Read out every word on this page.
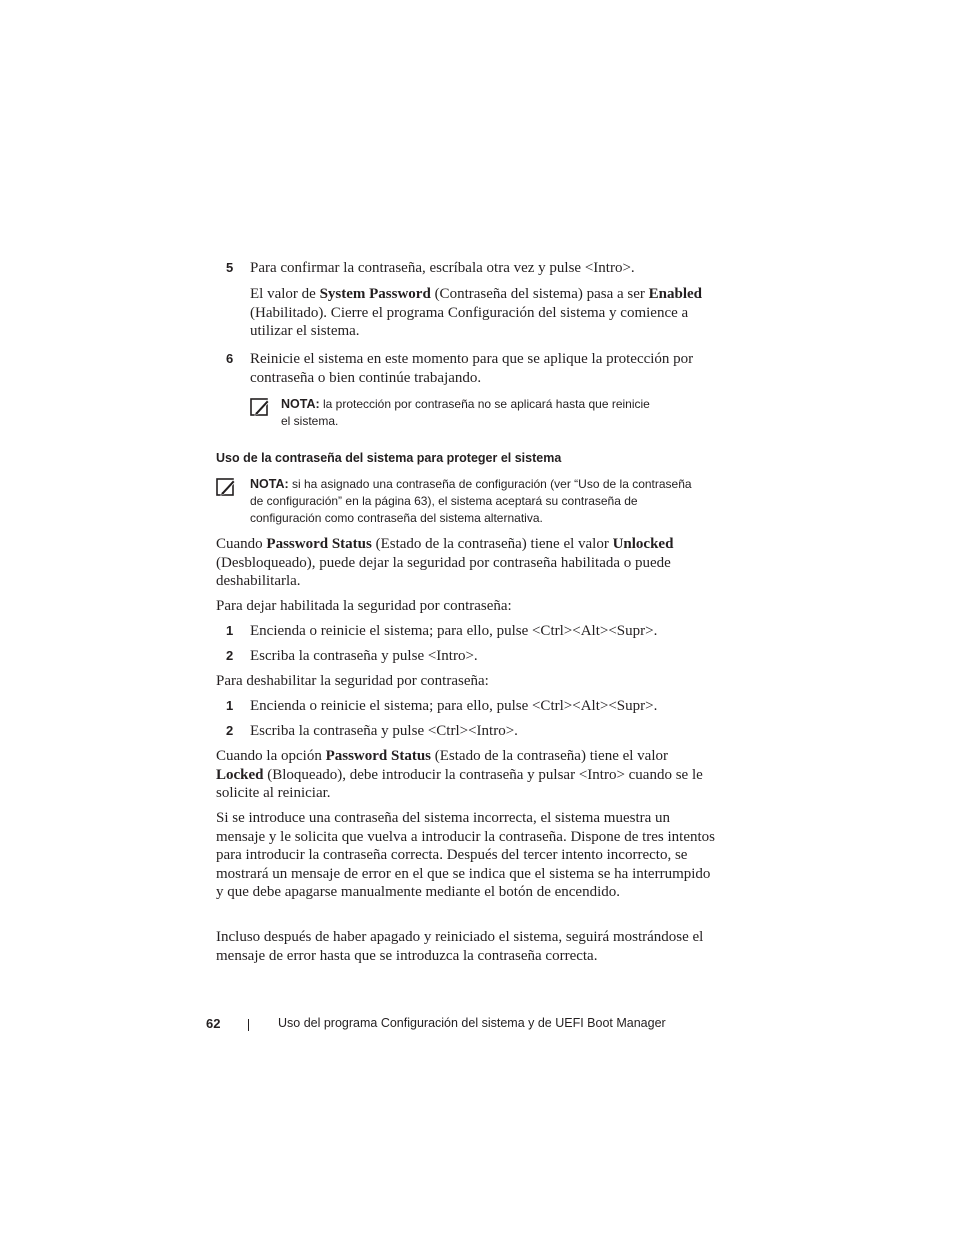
5 Para confirmar la contraseña, escríbala otra vez y pulse <Intro>.
El valor de System Password (Contraseña del sistema) pasa a ser Enabled (Habilitado). Cierre el programa Configuración del sistema y comience a utilizar el sistema.
6 Reinicie el sistema en este momento para que se aplique la protección por contraseña o bien continúe trabajando.
NOTA: la protección por contraseña no se aplicará hasta que reinicie
el sistema.
Uso de la contraseña del sistema para proteger el sistema
NOTA: si ha asignado una contraseña de configuración (ver “Uso de la contraseña
de configuración” en la página 63), el sistema aceptará su contraseña de
configuración como contraseña del sistema alternativa.
Cuando Password Status (Estado de la contraseña) tiene el valor Unlocked (Desbloqueado), puede dejar la seguridad por contraseña habilitada o puede deshabilitarla.
Para dejar habilitada la seguridad por contraseña:
1 Encienda o reinicie el sistema; para ello, pulse <Ctrl><Alt><Supr>.
2 Escriba la contraseña y pulse <Intro>.
Para deshabilitar la seguridad por contraseña:
1 Encienda o reinicie el sistema; para ello, pulse <Ctrl><Alt><Supr>.
2 Escriba la contraseña y pulse <Ctrl><Intro>.
Cuando la opción Password Status (Estado de la contraseña) tiene el valor Locked (Bloqueado), debe introducir la contraseña y pulsar <Intro> cuando se le solicite al reiniciar.
Si se introduce una contraseña del sistema incorrecta, el sistema muestra un mensaje y le solicita que vuelva a introducir la contraseña. Dispone de tres intentos para introducir la contraseña correcta. Después del tercer intento incorrecto, se mostrará un mensaje de error en el que se indica que el sistema se ha interrumpido y que debe apagarse manualmente mediante el botón de encendido.
Incluso después de haber apagado y reiniciado el sistema, seguirá mostrándose el mensaje de error hasta que se introduzca la contraseña correcta.
62	Uso del programa Configuración del sistema y de UEFI Boot Manager
